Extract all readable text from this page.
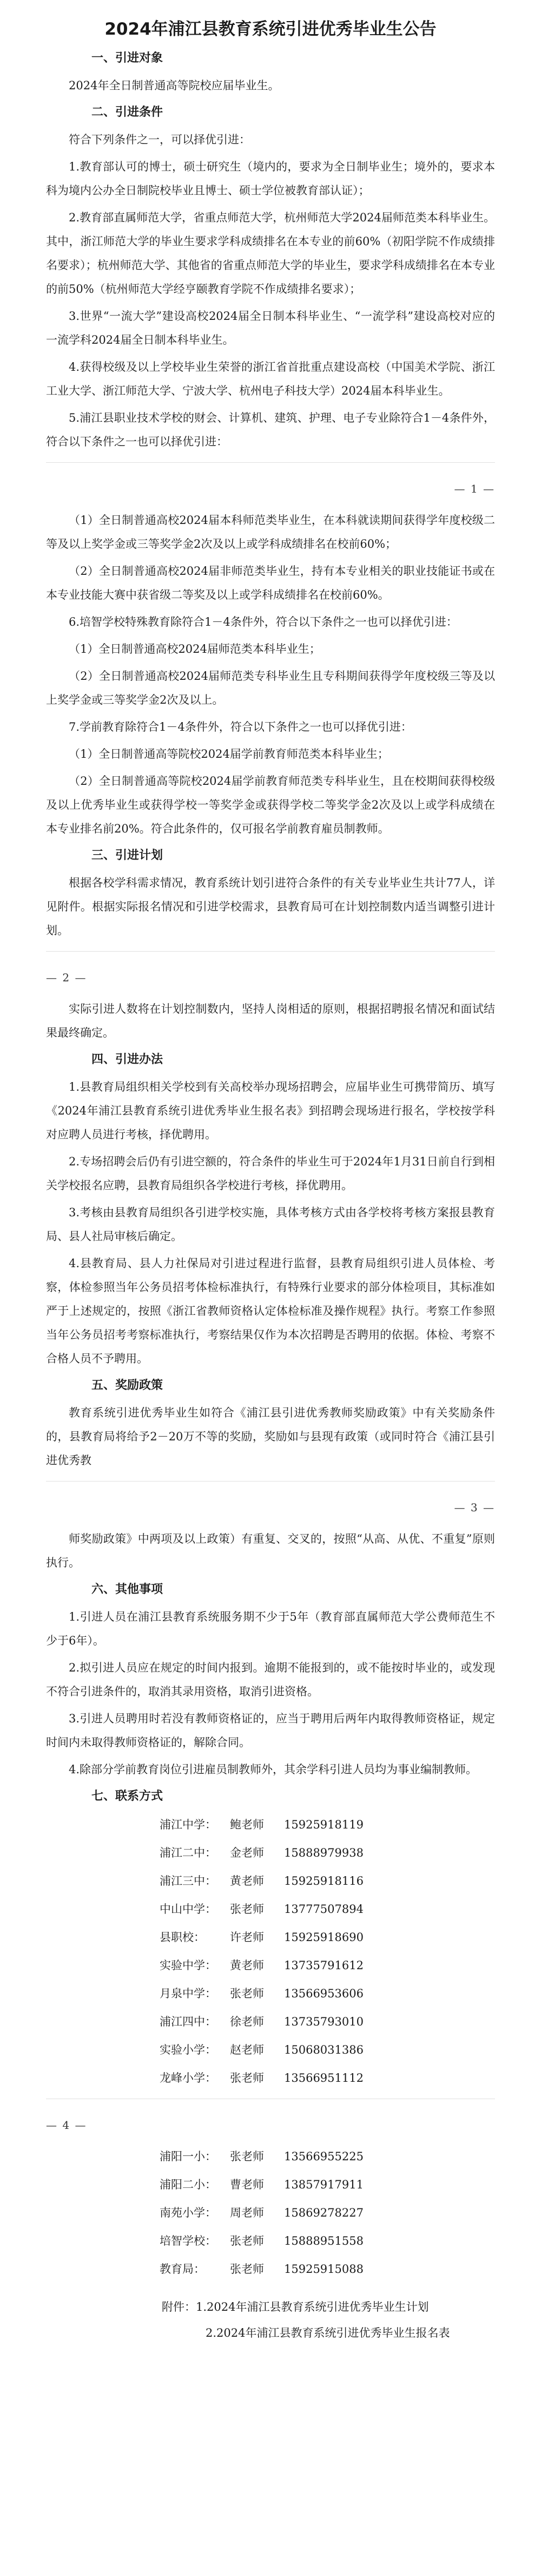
2024年浦江县教育系统引进优秀毕业生公告
一、引进对象
2024年全日制普通高等院校应届毕业生。
二、引进条件
符合下列条件之一，可以择优引进：
1.教育部认可的博士，硕士研究生（境内的，要求为全日制毕业生；境外的，要求本科为境内公办全日制院校毕业且博士、硕士学位被教育部认证）；
2.教育部直属师范大学，省重点师范大学，杭州师范大学2024届师范类本科毕业生。其中，浙江师范大学的毕业生要求学科成绩排名在本专业的前60%（初阳学院不作成绩排名要求）；杭州师范大学、其他省的省重点师范大学的毕业生，要求学科成绩排名在本专业的前50%（杭州师范大学经亨颐教育学院不作成绩排名要求）；
3.世界“一流大学”建设高校2024届全日制本科毕业生、“一流学科”建设高校对应的一流学科2024届全日制本科毕业生。
4.获得校级及以上学校毕业生荣誉的浙江省首批重点建设高校（中国美术学院、浙江工业大学、浙江师范大学、宁波大学、杭州电子科技大学）2024届本科毕业生。
5.浦江县职业技术学校的财会、计算机、建筑、护理、电子专业除符合1－4条件外，符合以下条件之一也可以择优引进：
— 1 —
（1）全日制普通高校2024届本科师范类毕业生，在本科就读期间获得学年度校级二等及以上奖学金或三等奖学金2次及以上或学科成绩排名在校前60%；
（2）全日制普通高校2024届非师范类毕业生，持有本专业相关的职业技能证书或在本专业技能大赛中获省级二等奖及以上或学科成绩排名在校前60%。
6.培智学校特殊教育除符合1－4条件外，符合以下条件之一也可以择优引进：
（1）全日制普通高校2024届师范类本科毕业生；
（2）全日制普通高校2024届师范类专科毕业生且专科期间获得学年度校级三等及以上奖学金或三等奖学金2次及以上。
7.学前教育除符合1－4条件外，符合以下条件之一也可以择优引进：
（1）全日制普通高等院校2024届学前教育师范类本科毕业生；
（2）全日制普通高等院校2024届学前教育师范类专科毕业生，且在校期间获得校级及以上优秀毕业生或获得学校一等奖学金或获得学校二等奖学金2次及以上或学科成绩在本专业排名前20%。符合此条件的，仅可报名学前教育雇员制教师。
三、引进计划
根据各校学科需求情况，教育系统计划引进符合条件的有关专业毕业生共计77人，详见附件。根据实际报名情况和引进学校需求，县教育局可在计划控制数内适当调整引进计划。
— 2 —
实际引进人数将在计划控制数内，坚持人岗相适的原则，根据招聘报名情况和面试结果最终确定。
四、引进办法
1.县教育局组织相关学校到有关高校举办现场招聘会，应届毕业生可携带简历、填写《2024年浦江县教育系统引进优秀毕业生报名表》到招聘会现场进行报名，学校按学科对应聘人员进行考核，择优聘用。
2.专场招聘会后仍有引进空额的，符合条件的毕业生可于2024年1月31日前自行到相关学校报名应聘，县教育局组织各学校进行考核，择优聘用。
3.考核由县教育局组织各引进学校实施，具体考核方式由各学校将考核方案报县教育局、县人社局审核后确定。
4.县教育局、县人力社保局对引进过程进行监督，县教育局组织引进人员体检、考察，体检参照当年公务员招考体检标准执行，有特殊行业要求的部分体检项目，其标准如严于上述规定的，按照《浙江省教师资格认定体检标准及操作规程》执行。考察工作参照当年公务员招考考察标准执行，考察结果仅作为本次招聘是否聘用的依据。体检、考察不合格人员不予聘用。
五、奖励政策
教育系统引进优秀毕业生如符合《浦江县引进优秀教师奖励政策》中有关奖励条件的，县教育局将给予2－20万不等的奖励，奖励如与县现有政策（或同时符合《浦江县引进优秀教
— 3 —
师奖励政策》中两项及以上政策）有重复、交叉的，按照“从高、从优、不重复”原则执行。
六、其他事项
1.引进人员在浦江县教育系统服务期不少于5年（教育部直属师范大学公费师范生不少于6年）。
2.拟引进人员应在规定的时间内报到。逾期不能报到的，或不能按时毕业的，或发现不符合引进条件的，取消其录用资格，取消引进资格。
3.引进人员聘用时若没有教师资格证的，应当于聘用后两年内取得教师资格证，规定时间内未取得教师资格证的，解除合同。
4.除部分学前教育岗位引进雇员制教师外，其余学科引进人员均为事业编制教师。
七、联系方式
浦江中学：	鲍老师	15925918119
浦江二中：	金老师	15888979938
浦江三中：	黄老师	15925918116
中山中学：	张老师	13777507894
县职校：	许老师	15925918690
实验中学：	黄老师	13735791612
月泉中学：	张老师	13566953606
浦江四中：	徐老师	13735793010
实验小学：	赵老师	15068031386
龙峰小学：	张老师	13566951112
— 4 —
浦阳一小：	张老师	13566955225
浦阳二小：	曹老师	13857917911
南苑小学：	周老师	15869278227
培智学校：	张老师	15888951558
教育局：	张老师	15925915088
附件：1.2024年浦江县教育系统引进优秀毕业生计划
2.2024年浦江县教育系统引进优秀毕业生报名表
